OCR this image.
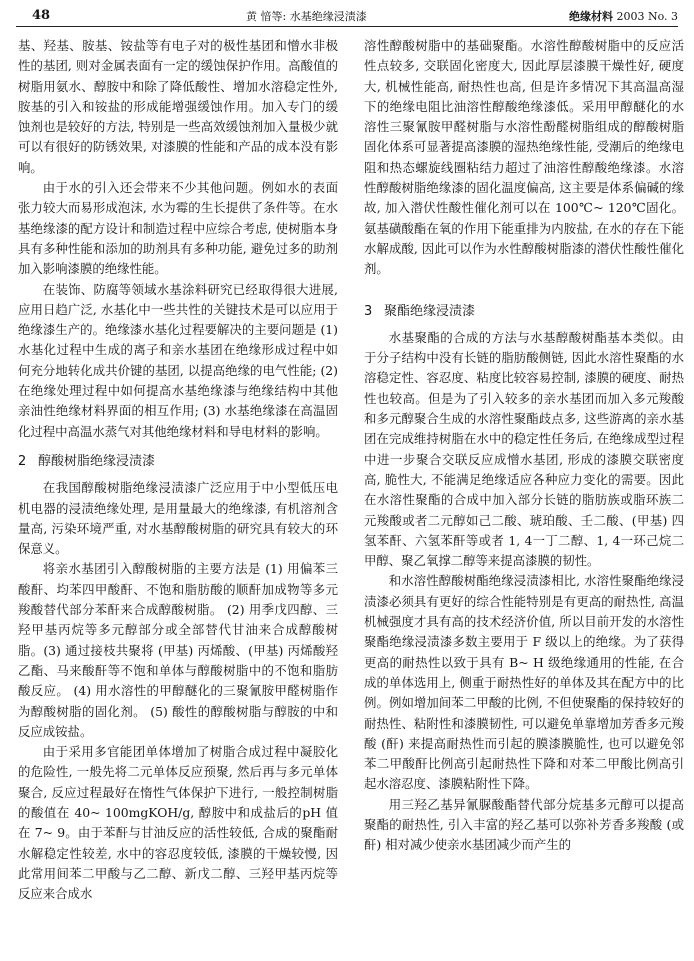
48	黄 愔等: 水基绝缘浸渍漆	绝缘材料 2003 No. 3

基、羟基、胺基、铵盐等有电子对的极性基团和憎水非极性的基团, 则对金属表面有一定的缓蚀保护作用。高酸值的树脂用氨水、醇胺中和除了降低酸性、增加水溶稳定性外, 胺基的引入和铵盐的形成能增强缓蚀作用。加入专门的缓蚀剂也是较好的方法, 特别是一些高效缓蚀剂加入量极少就可以有很好的防锈效果, 对漆膜的性能和产品的成本没有影响。

由于水的引入还会带来不少其他问题。例如水的表面张力较大而易形成泡沫, 水为霉的生长提供了条件等。在水基绝缘漆的配方设计和制造过程中应综合考虑, 使树脂本身具有多种性能和添加的助剂具有多种功能, 避免过多的助剂加入影响漆膜的绝缘性能。

在装饰、防腐等领域水基涂料研究已经取得很大进展, 应用日趋广泛, 水基化中一些共性的关键技术是可以应用于绝缘漆生产的。绝缘漆水基化过程要解决的主要问题是 (1) 水基化过程中生成的离子和亲水基团在绝缘形成过程中如何充分地转化成共价键的基团, 以提高绝缘的电气性能; (2) 在绝缘处理过程中如何提高水基绝缘漆与绝缘结构中其他亲油性绝缘材料界面的相互作用; (3) 水基绝缘漆在高温固化过程中高温水蒸气对其他绝缘材料和导电材料的影响。

2 醇酸树脂绝缘浸渍漆

在我国醇酸树脂绝缘浸渍漆广泛应用于中小型低压电机电器的浸渍绝缘处理, 是用量最大的绝缘漆, 有机溶剂含量高, 污染环境严重, 对水基醇酸树脂的研究具有较大的环保意义。

将亲水基团引入醇酸树脂的主要方法是 (1) 用偏苯三酸酐、均苯四甲酸酐、不饱和脂肪酸的顺酐加成物等多元羧酸替代部分苯酐来合成醇酸树脂。 (2) 用季戊四醇、三羟甲基丙烷等多元醇部分或全部替代甘油来合成醇酸树脂。(3) 通过接枝共聚将 (甲基) 丙烯酸、(甲基) 丙烯酸羟乙酯、马来酸酐等不饱和单体与醇酸树脂中的不饱和脂肪酸反应。 (4) 用水溶性的甲醇醚化的三聚氰胺甲醛树脂作为醇酸树脂的固化剂。 (5) 酸性的醇酸树脂与醇胺的中和反应成铵盐。

由于采用多官能团单体增加了树脂合成过程中凝胶化的危险性, 一般先将二元单体反应预聚, 然后再与多元单体聚合, 反应过程最好在惰性气体保护下进行, 一般控制树脂的酸值在 40~ 100mgKOH/g, 醇胺中和成盐后的pH 值在 7~ 9。由于苯酐与甘油反应的活性较低, 合成的聚酯耐水解稳定性较差, 水中的容忍度较低, 漆膜的干燥较慢, 因此常用间苯二甲酸与乙二醇、新戊二醇、三羟甲基丙烷等反应来合成水

溶性醇酸树脂中的基础聚酯。水溶性醇酸树脂中的反应活性点较多, 交联固化密度大, 因此厚层漆膜干燥性好, 硬度大, 机械性能高, 耐热性也高, 但是许多情况下其高温高湿下的绝缘电阻比油溶性醇酸绝缘漆低。采用甲醇醚化的水溶性三聚氰胺甲醛树脂与水溶性酚醛树脂组成的醇酸树脂固化体系可显著提高漆膜的湿热绝缘性能, 受潮后的绝缘电阻和热态螺旋线圈粘结力超过了油溶性醇酸绝缘漆。水溶性醇酸树脂绝缘漆的固化温度偏高, 这主要是体系偏碱的缘故, 加入潜伏性酸性催化剂可以在 100℃~ 120℃固化。氨基磺酸酯在氧的作用下能重排为内胺盐, 在水的存在下能水解成酸, 因此可以作为水性醇酸树脂漆的潜伏性酸性催化剂。

3 聚酯绝缘浸渍漆

水基聚酯的合成的方法与水基醇酸树酯基本类似。由于分子结构中没有长链的脂肪酸侧链, 因此水溶性聚酯的水溶稳定性、容忍度、粘度比较容易控制, 漆膜的硬度、耐热性也较高。但是为了引入较多的亲水基团而加入多元羧酸和多元醇聚合生成的水溶性聚酯歧点多, 这些游离的亲水基团在完成维持树脂在水中的稳定性任务后, 在绝缘成型过程中进一步聚合交联反应成憎水基团, 形成的漆膜交联密度高, 脆性大, 不能满足绝缘适应各种应力变化的需要。因此在水溶性聚酯的合成中加入部分长链的脂肪族或脂环族二元羧酸或者二元醇如己二酸、琥珀酸、壬二酸、(甲基) 四氢苯酐、六氢苯酐等或者 1, 4一丁二醇、1, 4一环己烷二甲醇、聚乙氧撑二醇等来提高漆膜的韧性。

和水溶性醇酸树酯绝缘浸渍漆相比, 水溶性聚酯绝缘浸渍漆必须具有更好的综合性能特别是有更高的耐热性, 高温机械强度才具有高的技术经济价值, 所以目前开发的水溶性聚酯绝缘浸渍漆多数主要用于 F 级以上的绝缘。为了获得更高的耐热性以致于具有 B~ H 级绝缘通用的性能, 在合成的单体选用上, 侧重于耐热性好的单体及其在配方中的比例。例如增加间苯二甲酸的比例, 不但使聚酯的保持较好的耐热性、粘附性和漆膜韧性, 可以避免单靠增加芳香多元羧酸 (酐) 来提高耐热性而引起的膜漆膜脆性, 也可以避免邻苯二甲酸酐比例高引起耐热性下降和对苯二甲酸比例高引起水溶忍度、漆膜粘附性下降。

用三羟乙基异氰脲酸酯替代部分烷基多元醇可以提高聚酯的耐热性, 引入丰富的羟乙基可以弥补芳香多羧酸 (或酐) 相对减少使亲水基团减少而产生的
